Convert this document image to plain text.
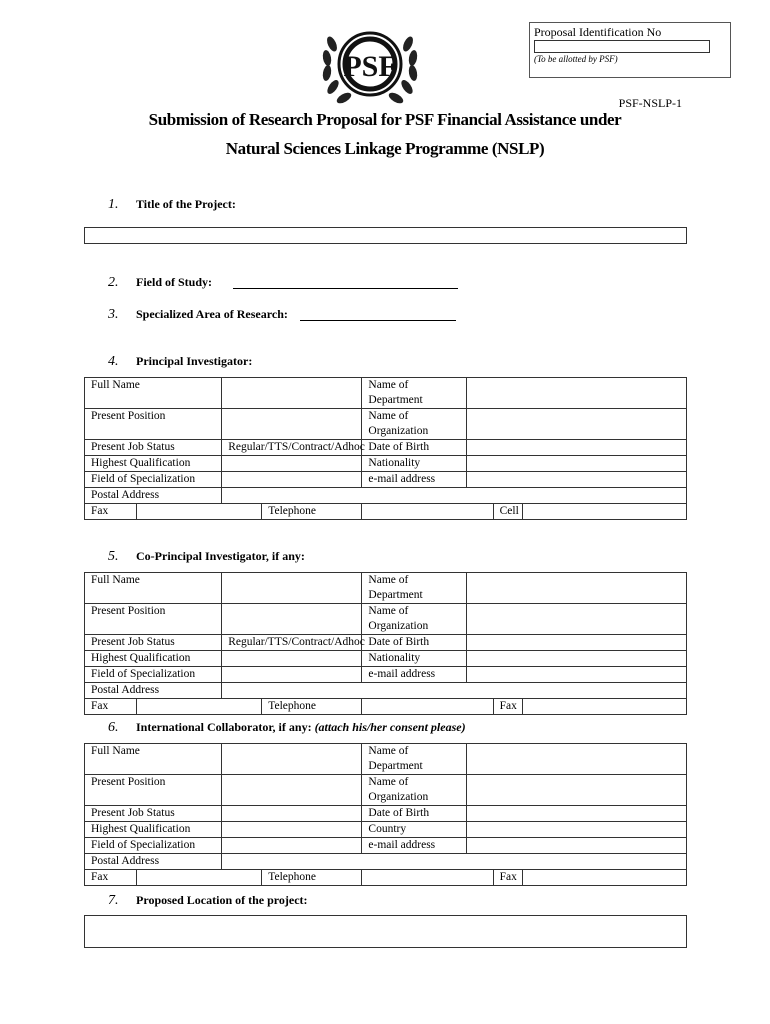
Proposal Identification No
(To be allotted by PSF)
PSF
PSF-NSLP-1
Submission of Research Proposal for PSF Financial Assistance under
Natural Sciences Linkage Programme (NSLP)
1. Title of the Project:
2. Field of Study:
3. Specialized Area of Research:
4. Principal Investigator:
Full Name				Name of Department			

Present Position				Name of Organization			

Present Job Status		Regular/TTS/Contract/Adhoc		Date of Birth			
Highest Qualification				Nationality			
Field of Specialization				e-mail address			
Postal Address							
Fax			Telephone			Cell	
5. Co-Principal Investigator, if any:
Full Name				Name of Department			

Present Position				Name of Organization			

Present Job Status		Regular/TTS/Contract/Adhoc		Date of Birth			
Highest Qualification				Nationality			
Field of Specialization				e-mail address			
Postal Address							
Fax			Telephone			Fax	
6. International Collaborator, if any: (attach his/her consent please)
Full Name				Name of Department			

Present Position				Name of Organization			

Present Job Status				Date of Birth			
Highest Qualification				Country			
Field of Specialization				e-mail address			
Postal Address							
Fax			Telephone			Fax	
7. Proposed Location of the project:
